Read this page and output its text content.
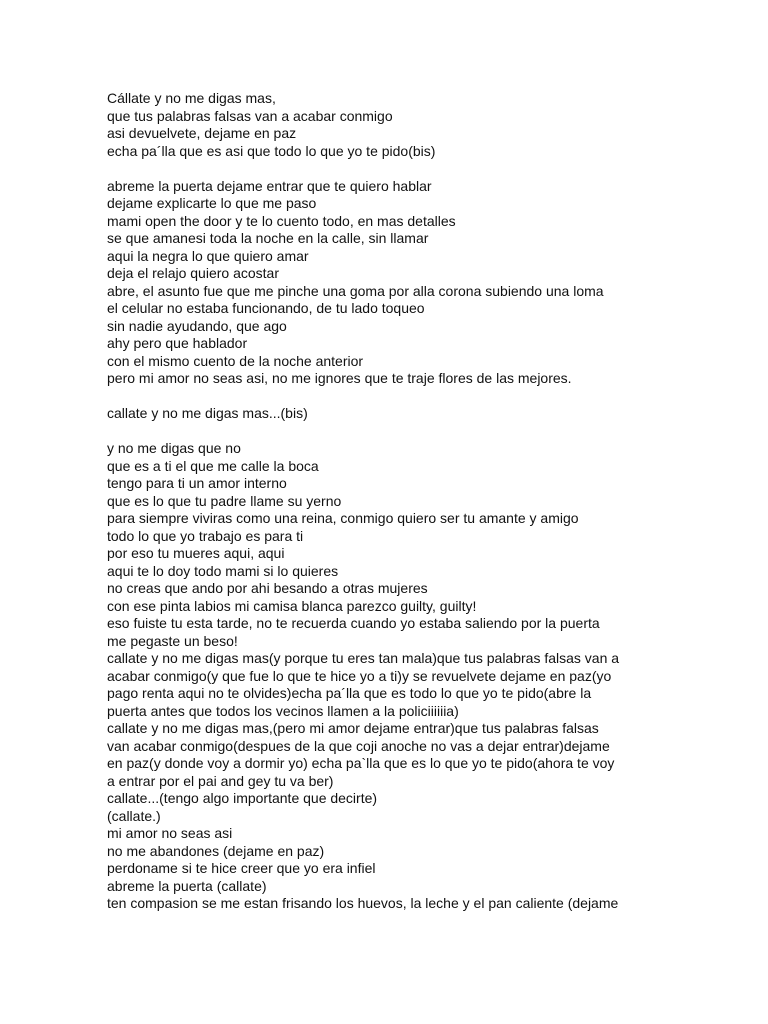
Cállate y no me digas mas,
que tus palabras falsas van a acabar conmigo
asi devuelvete, dejame en paz
echa pa´lla que es asi que todo lo que yo te pido(bis)
abreme la puerta dejame entrar que te quiero hablar
dejame explicarte lo que me paso
mami open the door y te lo cuento todo, en mas detalles
se que amanesi toda la noche en la calle, sin llamar
aqui la negra lo que quiero amar
deja el relajo quiero acostar
abre, el asunto fue que me pinche una goma por alla corona subiendo una loma
el celular no estaba funcionando, de tu lado toqueo
sin nadie ayudando, que ago
ahy pero que hablador
con el mismo cuento de la noche anterior
pero mi amor no seas asi, no me ignores que te traje flores de las mejores.
callate y no me digas mas...(bis)
y no me digas que no
que es a ti el que me calle la boca
tengo para ti un amor interno
que es lo que tu padre llame su yerno
para siempre viviras como una reina, conmigo quiero ser tu amante y amigo
todo lo que yo trabajo es para ti
por eso tu mueres aqui, aqui
aqui te lo doy todo mami si lo quieres
no creas que ando por ahi besando a otras mujeres
con ese pinta labios mi camisa blanca parezco guilty, guilty!
eso fuiste tu esta tarde, no te recuerda cuando yo estaba saliendo por la puerta
me pegaste un beso!
callate y no me digas mas(y porque tu eres tan mala)que tus palabras falsas van a
acabar conmigo(y que fue lo que te hice yo a ti)y se revuelvete dejame en paz(yo
pago renta aqui no te olvides)echa pa´lla que es todo lo que yo te pido(abre la
puerta antes que todos los vecinos llamen a la policiiiiiia)
callate y no me digas mas,(pero mi amor dejame entrar)que tus palabras falsas
van acabar conmigo(despues de la que coji anoche no vas a dejar entrar)dejame
en paz(y donde voy a dormir yo) echa pa`lla que es lo que yo te pido(ahora te voy
a entrar por el pai and gey tu va ber)
callate...(tengo algo importante que decirte)
(callate.)
mi amor no seas asi
no me abandones (dejame en paz)
perdoname si te hice creer que yo era infiel
abreme la puerta (callate)
ten compasion se me estan frisando los huevos, la leche y el pan caliente (dejame
